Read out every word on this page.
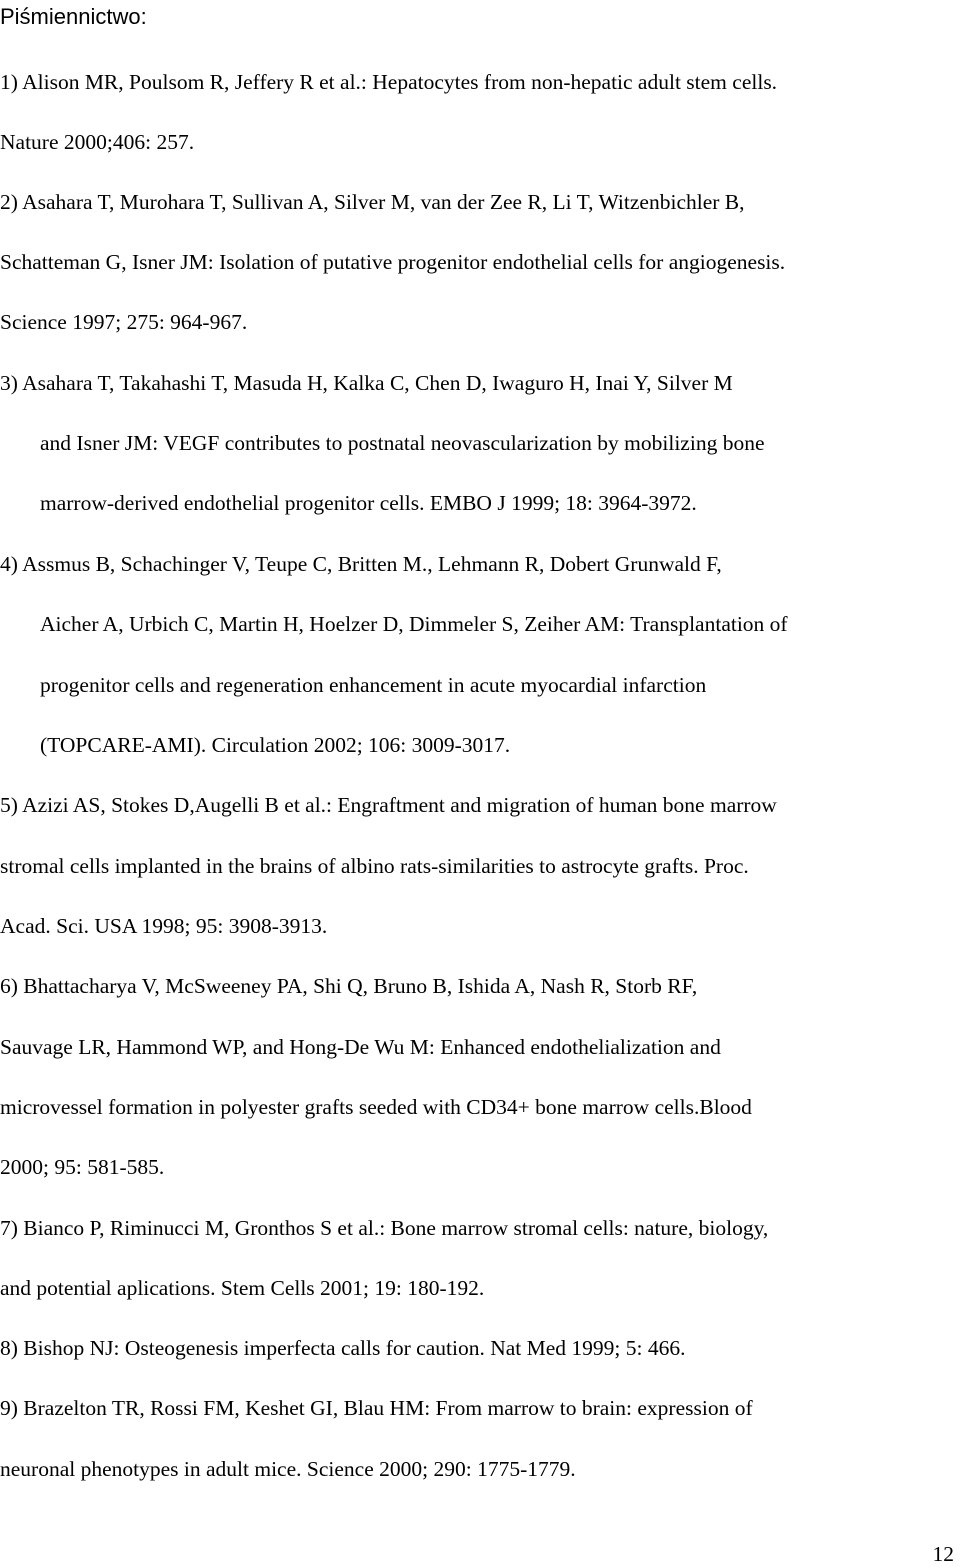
Piśmiennictwo:
1) Alison MR, Poulsom R, Jeffery R et al.: Hepatocytes from non-hepatic adult stem cells.
Nature 2000;406: 257.
2) Asahara T, Murohara T, Sullivan A, Silver M, van der Zee R, Li T, Witzenbichler B,
Schatteman G, Isner JM: Isolation of putative progenitor endothelial cells for angiogenesis.
Science 1997; 275: 964-967.
3) Asahara T, Takahashi T, Masuda H, Kalka C, Chen D, Iwaguro H, Inai Y, Silver M
and Isner JM: VEGF contributes to postnatal neovascularization by mobilizing bone
marrow-derived endothelial progenitor cells. EMBO J 1999; 18: 3964-3972.
4) Assmus B, Schachinger V, Teupe C, Britten M., Lehmann R, Dobert Grunwald F,
Aicher A, Urbich C, Martin H, Hoelzer D, Dimmeler S, Zeiher AM: Transplantation of
progenitor cells and regeneration enhancement in acute myocardial infarction
(TOPCARE-AMI). Circulation 2002; 106: 3009-3017.
5) Azizi AS, Stokes D,Augelli B et al.: Engraftment and migration of human bone marrow
stromal cells implanted in the brains of albino rats-similarities to astrocyte grafts. Proc.
Acad. Sci. USA 1998; 95: 3908-3913.
6) Bhattacharya V, McSweeney PA, Shi Q, Bruno B, Ishida A, Nash R, Storb RF,
Sauvage LR, Hammond WP, and Hong-De Wu M: Enhanced endothelialization and
microvessel formation in polyester grafts seeded with CD34+ bone marrow cells.Blood
2000; 95: 581-585.
7) Bianco P, Riminucci M, Gronthos S et al.: Bone marrow stromal cells: nature, biology,
and potential aplications. Stem Cells 2001; 19: 180-192.
8) Bishop NJ: Osteogenesis imperfecta calls for caution. Nat Med 1999; 5: 466.
9) Brazelton TR, Rossi FM, Keshet GI, Blau HM: From marrow to brain: expression of
neuronal phenotypes in adult mice. Science 2000; 290: 1775-1779.
12
